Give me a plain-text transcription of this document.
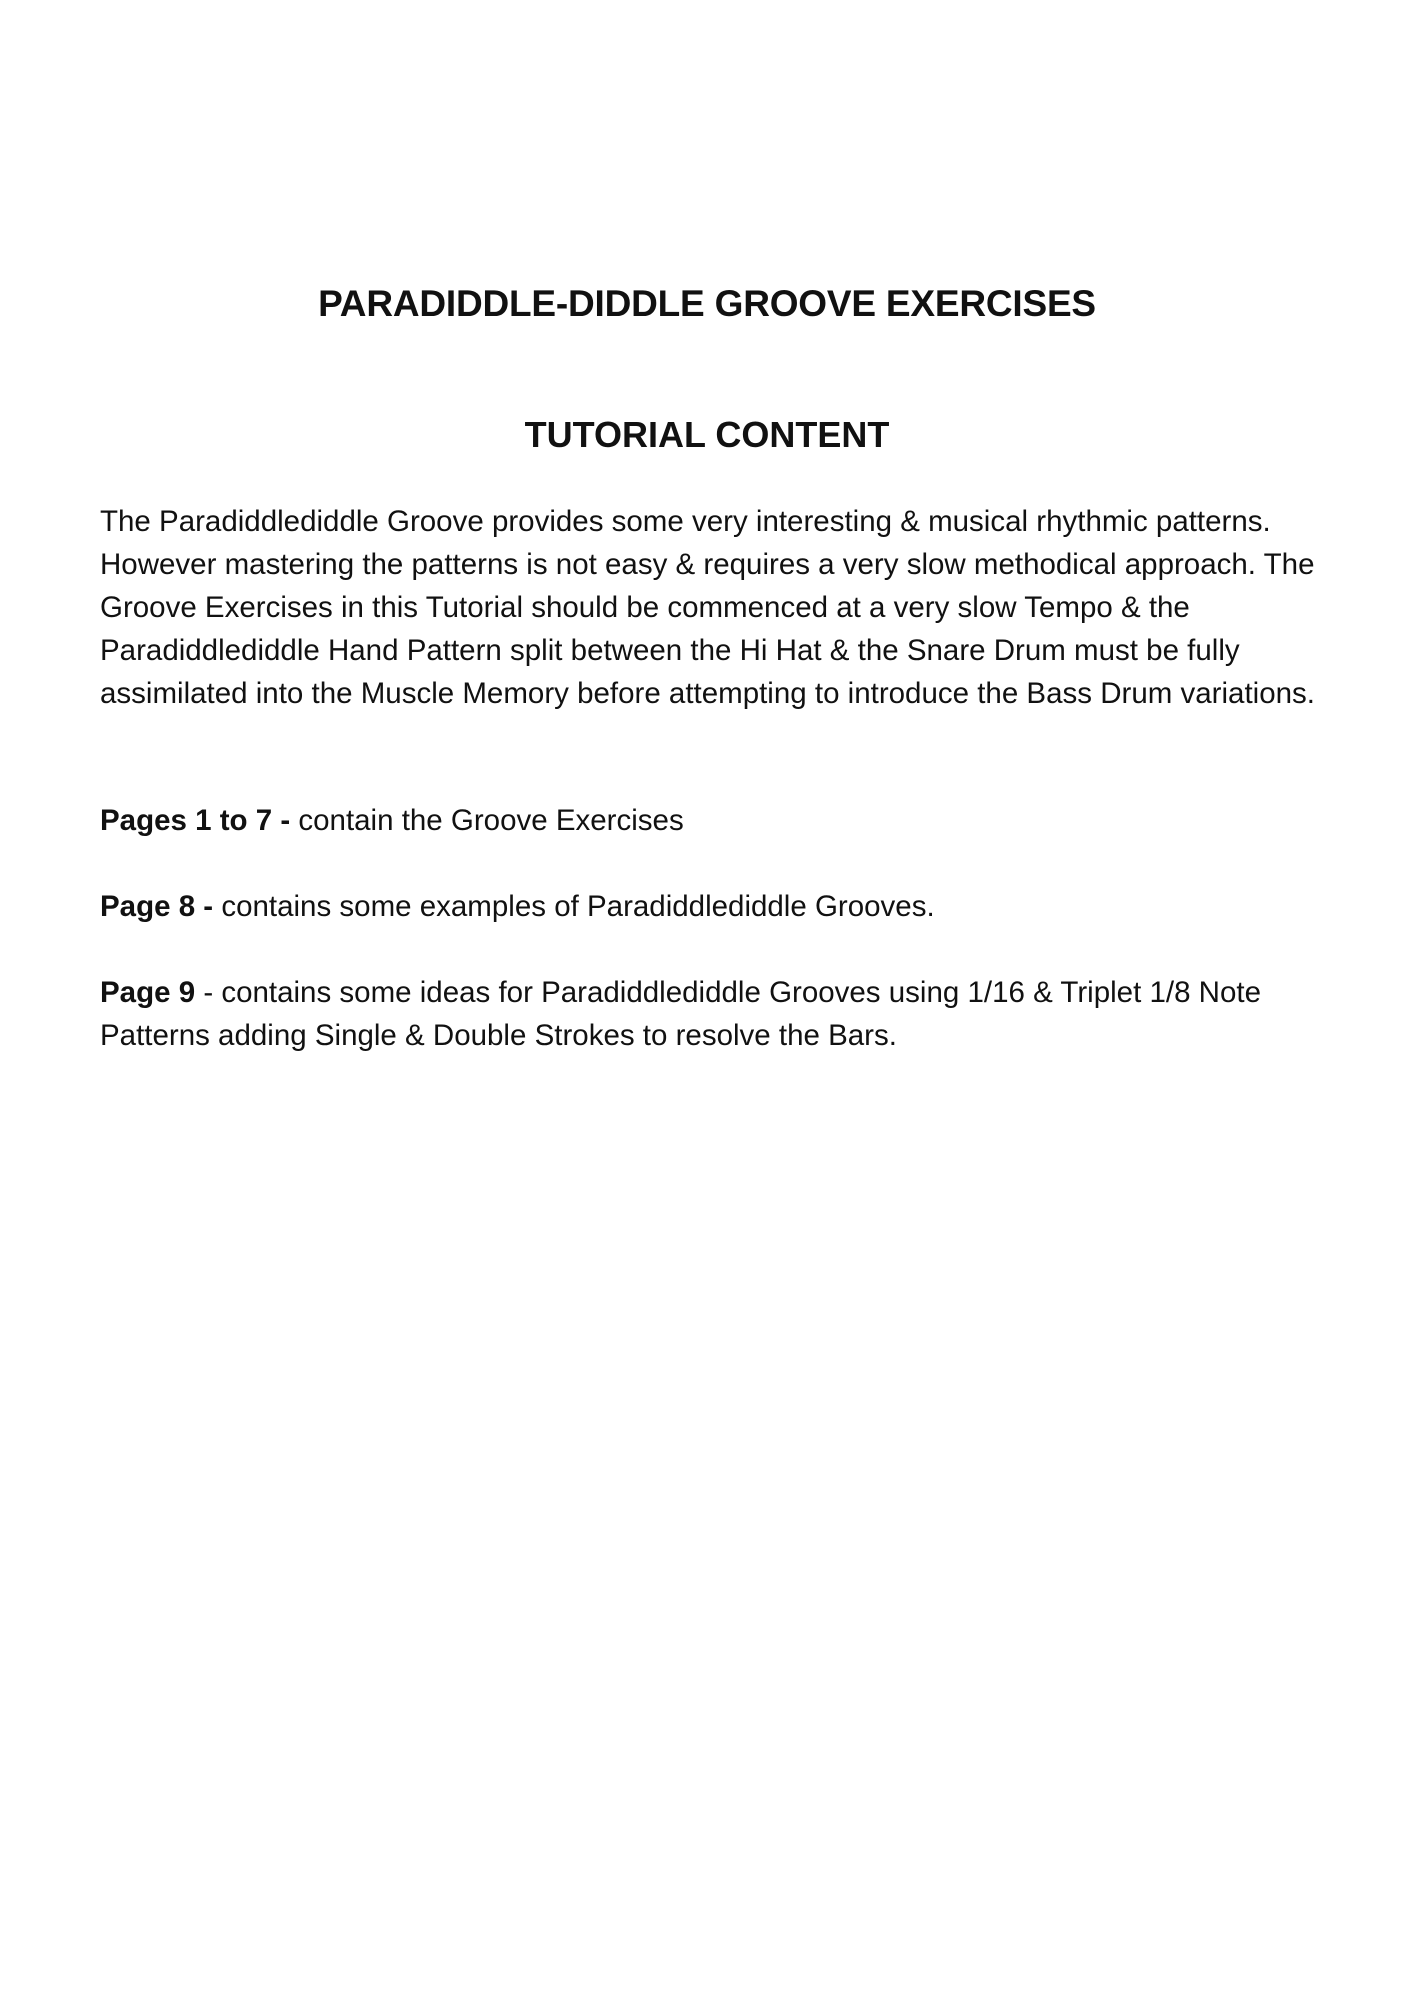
PARADIDDLE-DIDDLE GROOVE EXERCISES
TUTORIAL CONTENT

The Paradiddlediddle Groove provides some very interesting & musical rhythmic patterns. However mastering the patterns is not easy & requires a very slow methodical approach. The Groove Exercises in this Tutorial should be commenced at a very slow Tempo & the Paradiddlediddle Hand Pattern split between the Hi Hat & the Snare Drum must be fully assimilated into the Muscle Memory before attempting to introduce the Bass Drum variations.

Pages 1 to 7 - contain the Groove Exercises

Page 8 - contains some examples of Paradiddlediddle Grooves.

Page 9 - contains some ideas for Paradiddlediddle Grooves using 1/16 & Triplet 1/8 Note Patterns adding Single & Double Strokes to resolve the Bars.
